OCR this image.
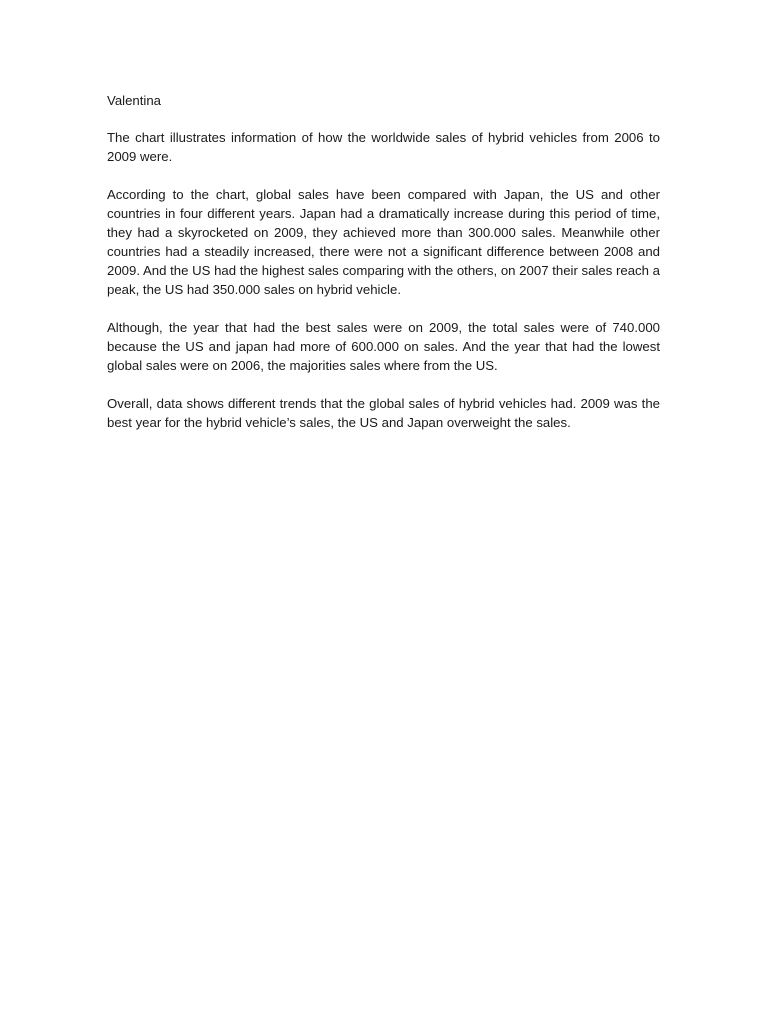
Valentina

The chart illustrates information of how the worldwide sales of hybrid vehicles from 2006 to 2009 were.

According to the chart, global sales have been compared with Japan, the US and other countries in four different years. Japan had a dramatically increase during this period of time, they had a skyrocketed on 2009, they achieved more than 300.000 sales. Meanwhile other countries had a steadily increased, there were not a significant difference between 2008 and 2009. And the US had the highest sales comparing with the others, on 2007 their sales reach a peak, the US had 350.000 sales on hybrid vehicle.

Although, the year that had the best sales were on 2009, the total sales were of 740.000 because the US and japan had more of 600.000 on sales. And the year that had the lowest global sales were on 2006, the majorities sales where from the US.

Overall, data shows different trends that the global sales of hybrid vehicles had. 2009 was the best year for the hybrid vehicle’s sales, the US and Japan overweight the sales.
